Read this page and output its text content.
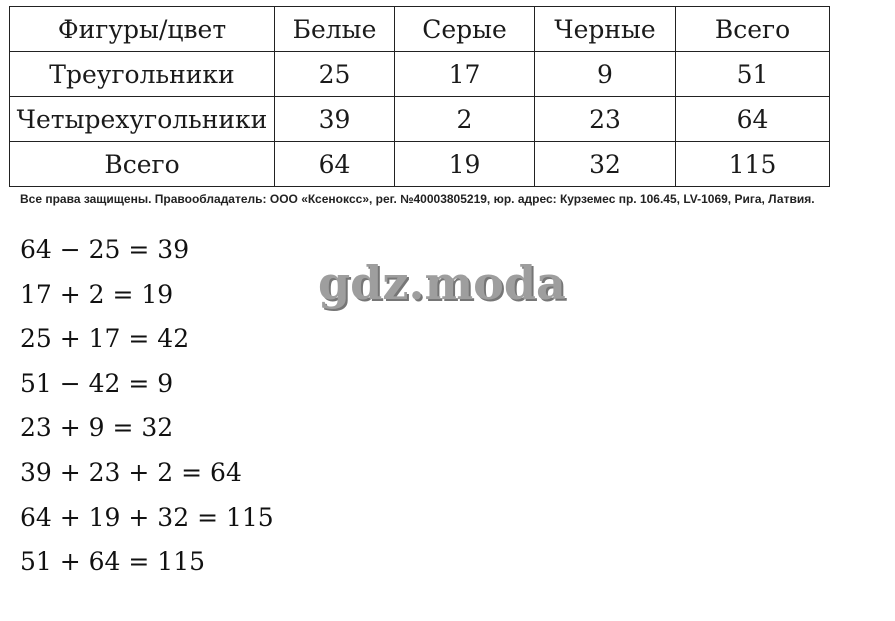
Фигуры/цвет	Белые	Серые	Черные	Всего
Треугольники	25	17	9	51
Четырехугольники	39	2	23	64
Всего	64	19	32	115
Все права защищены. Правообладатель: ООО «Ксенокcс», рег. №40003805219, юр. адрес: Курземес пр. 106.45, LV-1069, Рига, Латвия.
gdz.moda
64 − 25 = 39
17 + 2 = 19
25 + 17 = 42
51 − 42 = 9
23 + 9 = 32
39 + 23 + 2 = 64
64 + 19 + 32 = 115
51 + 64 = 115
